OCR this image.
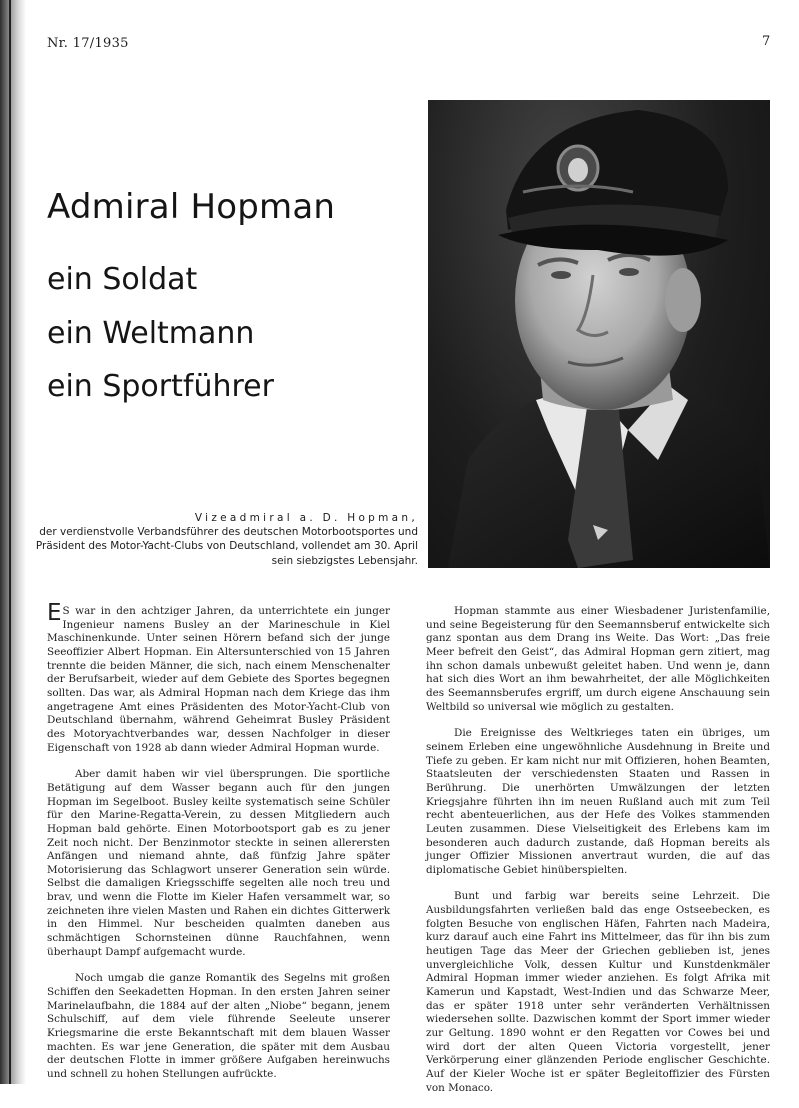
Nr. 17/1935	7
Admiral Hopman
ein Soldat
ein Weltmann
ein Sportführer
Vizeadmiral a. D. Hopman,
der verdienstvolle Verbandsführer des deutschen Motorbootsportes und Präsident des Motor-Yacht-Clubs von Deutschland, vollendet am 30. April sein siebzigstes Lebensjahr.

E S war in den achtziger Jahren, da unterrichtete ein junger Ingenieur namens Busley an der Marineschule in Kiel Maschinenkunde. Unter seinen Hörern befand sich der junge Seeoffizier Albert Hopman. Ein Altersunterschied von 15 Jahren trennte die beiden Männer, die sich, nach einem Menschenalter der Berufsarbeit, wieder auf dem Gebiete des Sportes begegnen sollten. Das war, als Admiral Hopman nach dem Kriege das ihm angetragene Amt eines Präsidenten des Motor-Yacht-Club von Deutschland übernahm, während Geheimrat Busley Präsident des Motoryachtverbandes war, dessen Nachfolger in dieser Eigenschaft von 1928 ab dann wieder Admiral Hopman wurde.

Aber damit haben wir viel übersprungen. Die sportliche Betätigung auf dem Wasser begann auch für den jungen Hopman im Segelboot. Busley keilte systematisch seine Schüler für den Marine-Regatta-Verein, zu dessen Mitgliedern auch Hopman bald gehörte. Einen Motorbootsport gab es zu jener Zeit noch nicht. Der Benzinmotor steckte in seinen allerersten Anfängen und niemand ahnte, daß fünfzig Jahre später Motorisierung das Schlagwort unserer Generation sein würde. Selbst die damaligen Kriegsschiffe segelten alle noch treu und brav, und wenn die Flotte im Kieler Hafen versammelt war, so zeichneten ihre vielen Masten und Rahen ein dichtes Gitterwerk in den Himmel. Nur bescheiden qualmten daneben aus schmächtigen Schornsteinen dünne Rauchfahnen, wenn überhaupt Dampf aufgemacht wurde.

Noch umgab die ganze Romantik des Segelns mit großen Schiffen den Seekadetten Hopman. In den ersten Jahren seiner Marinelaufbahn, die 1884 auf der alten „Niobe“ begann, jenem Schulschiff, auf dem viele führende Seeleute unserer Kriegsmarine die erste Bekanntschaft mit dem blauen Wasser machten. Es war jene Generation, die später mit dem Ausbau der deutschen Flotte in immer größere Aufgaben hereinwuchs und schnell zu hohen Stellungen aufrückte.

Hopman stammte aus einer Wiesbadener Juristenfamilie, und seine Begeisterung für den Seemannsberuf entwickelte sich ganz spontan aus dem Drang ins Weite. Das Wort: „Das freie Meer befreit den Geist“, das Admiral Hopman gern zitiert, mag ihn schon damals unbewußt geleitet haben. Und wenn je, dann hat sich dies Wort an ihm bewahrheitet, der alle Möglichkeiten des Seemannsberufes ergriff, um durch eigene Anschauung sein Weltbild so universal wie möglich zu gestalten.

Die Ereignisse des Weltkrieges taten ein übriges, um seinem Erleben eine ungewöhnliche Ausdehnung in Breite und Tiefe zu geben. Er kam nicht nur mit Offizieren, hohen Beamten, Staatsleuten der verschiedensten Staaten und Rassen in Berührung. Die unerhörten Umwälzungen der letzten Kriegsjahre führten ihn im neuen Rußland auch mit zum Teil recht abenteuerlichen, aus der Hefe des Volkes stammenden Leuten zusammen. Diese Vielseitigkeit des Erlebens kam im besonderen auch dadurch zustande, daß Hopman bereits als junger Offizier Missionen anvertraut wurden, die auf das diplomatische Gebiet hinüberspielten.

Bunt und farbig war bereits seine Lehrzeit. Die Ausbildungsfahrten verließen bald das enge Ostseebecken, es folgten Besuche von englischen Häfen, Fahrten nach Madeira, kurz darauf auch eine Fahrt ins Mittelmeer, das für ihn bis zum heutigen Tage das Meer der Griechen geblieben ist, jenes unvergleichliche Volk, dessen Kultur und Kunstdenkmäler Admiral Hopman immer wieder anziehen. Es folgt Afrika mit Kamerun und Kapstadt, West-Indien und das Schwarze Meer, das er später 1918 unter sehr veränderten Verhältnissen wiedersehen sollte. Dazwischen kommt der Sport immer wieder zur Geltung. 1890 wohnt er den Regatten vor Cowes bei und wird dort der alten Queen Victoria vorgestellt, jener Verkörperung einer glänzenden Periode englischer Geschichte. Auf der Kieler Woche ist er später Begleitoffizier des Fürsten von Monaco.
